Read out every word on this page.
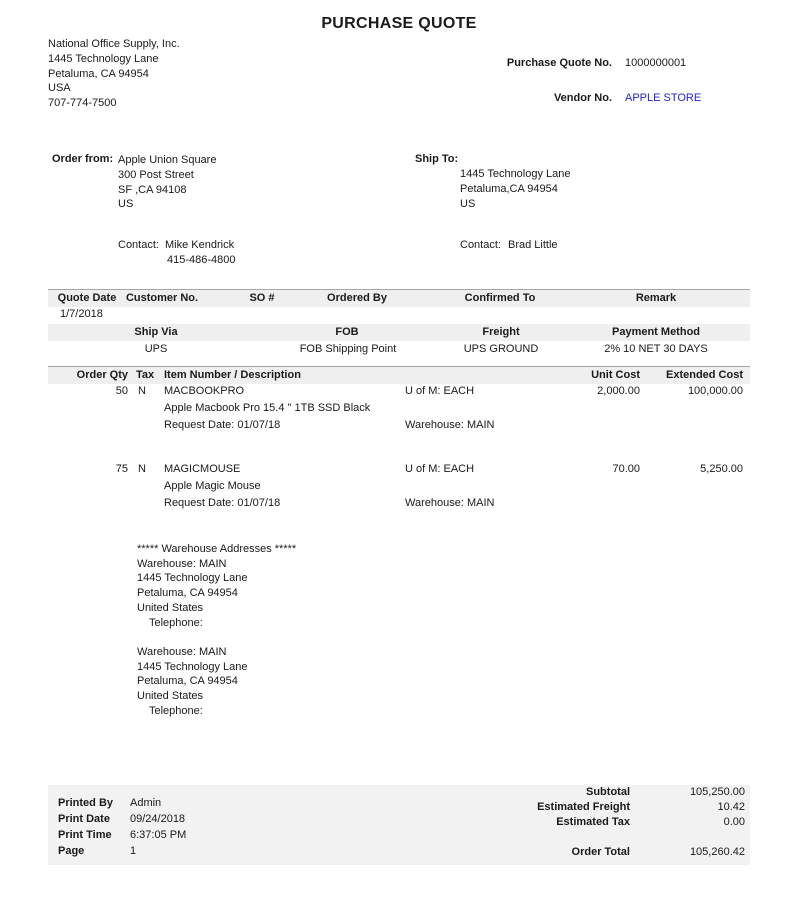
PURCHASE QUOTE
National Office Supply, Inc.
1445 Technology Lane
Petaluma, CA 94954
USA
707-774-7500
Purchase Quote No. 1000000001
Vendor No. APPLE STORE
Order from: Apple Union Square
300 Post Street
SF ,CA 94108
US
Contact: Mike Kendrick
415-486-4800
Ship To:
1445 Technology Lane
Petaluma,CA 94954
US
Contact: Brad Little
Quote Date Customer No.	SO #	Ordered By	Confirmed To	Remark
1/7/2018
Ship Via	FOB	Freight	Payment Method
UPS	FOB Shipping Point	UPS GROUND	2% 10 NET 30 DAYS
Order Qty Tax Item Number / Description	Unit Cost	Extended Cost
50 N MACBOOKPRO	U of M: EACH	2,000.00	100,000.00
Apple Macbook Pro 15.4 " 1TB SSD Black
Request Date: 01/07/18	Warehouse: MAIN
75 N MAGICMOUSE	U of M: EACH	70.00	5,250.00
Apple Magic Mouse
Request Date: 01/07/18	Warehouse: MAIN
***** Warehouse Addresses *****
Warehouse: MAIN
1445 Technology Lane
Petaluma, CA 94954
United States
Telephone:

Warehouse: MAIN
1445 Technology Lane
Petaluma, CA 94954
United States
Telephone:
Printed By Admin
Print Date 09/24/2018
Print Time 6:37:05 PM
Page	1
Subtotal	105,250.00
Estimated Freight	10.42
Estimated Tax	0.00
Order Total	105,260.42
